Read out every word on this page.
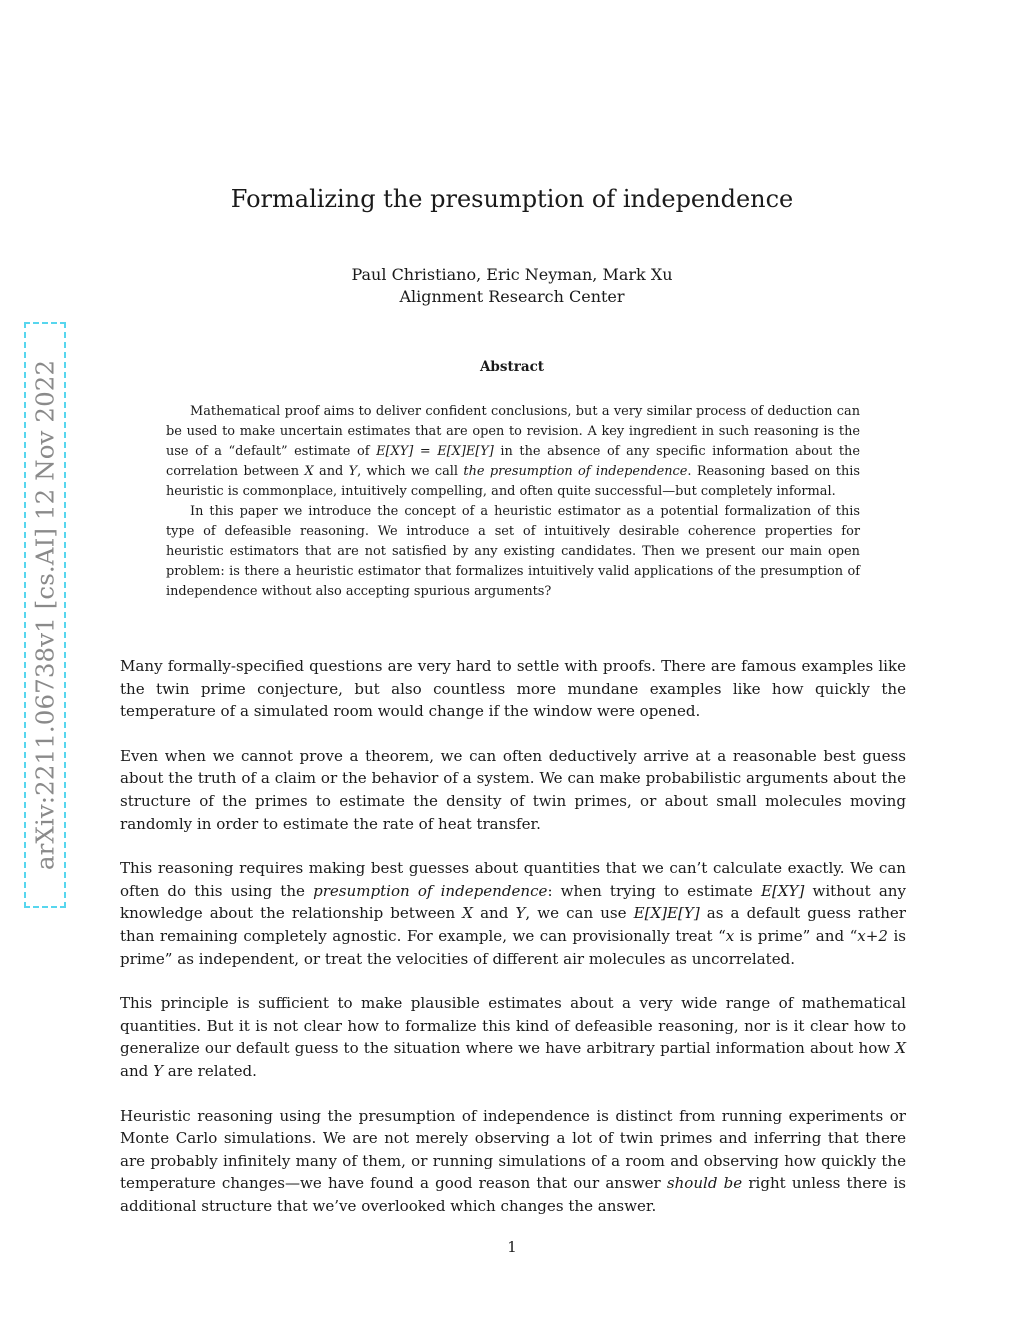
arXiv:2211.06738v1 [cs.AI] 12 Nov 2022
Formalizing the presumption of independence
Paul Christiano, Eric Neyman, Mark Xu
Alignment Research Center
Abstract

Mathematical proof aims to deliver confident conclusions, but a very similar process of deduction can be used to make uncertain estimates that are open to revision. A key ingredient in such reasoning is the use of a “default” estimate of E[XY] = E[X]E[Y] in the absence of any specific information about the correlation between X and Y, which we call the presumption of independence. Reasoning based on this heuristic is commonplace, intuitively compelling, and often quite successful—but completely informal.

In this paper we introduce the concept of a heuristic estimator as a potential formalization of this type of defeasible reasoning. We introduce a set of intuitively desirable coherence properties for heuristic estimators that are not satisfied by any existing candidates. Then we present our main open problem: is there a heuristic estimator that formalizes intuitively valid applications of the presumption of independence without also accepting spurious arguments?

Many formally-specified questions are very hard to settle with proofs. There are famous examples like the twin prime conjecture, but also countless more mundane examples like how quickly the temperature of a simulated room would change if the window were opened.

Even when we cannot prove a theorem, we can often deductively arrive at a reasonable best guess about the truth of a claim or the behavior of a system. We can make probabilistic arguments about the structure of the primes to estimate the density of twin primes, or about small molecules moving randomly in order to estimate the rate of heat transfer.

This reasoning requires making best guesses about quantities that we can’t calculate exactly. We can often do this using the presumption of independence: when trying to estimate E[XY] without any knowledge about the relationship between X and Y, we can use E[X]E[Y] as a default guess rather than remaining completely agnostic. For example, we can provisionally treat “x is prime” and “x+2 is prime” as independent, or treat the velocities of different air molecules as uncorrelated.

This principle is sufficient to make plausible estimates about a very wide range of mathematical quantities. But it is not clear how to formalize this kind of defeasible reasoning, nor is it clear how to generalize our default guess to the situation where we have arbitrary partial information about how X and Y are related.

Heuristic reasoning using the presumption of independence is distinct from running experiments or Monte Carlo simulations. We are not merely observing a lot of twin primes and inferring that there are probably infinitely many of them, or running simulations of a room and observing how quickly the temperature changes—we have found a good reason that our answer should be right unless there is additional structure that we’ve overlooked which changes the answer.

1
